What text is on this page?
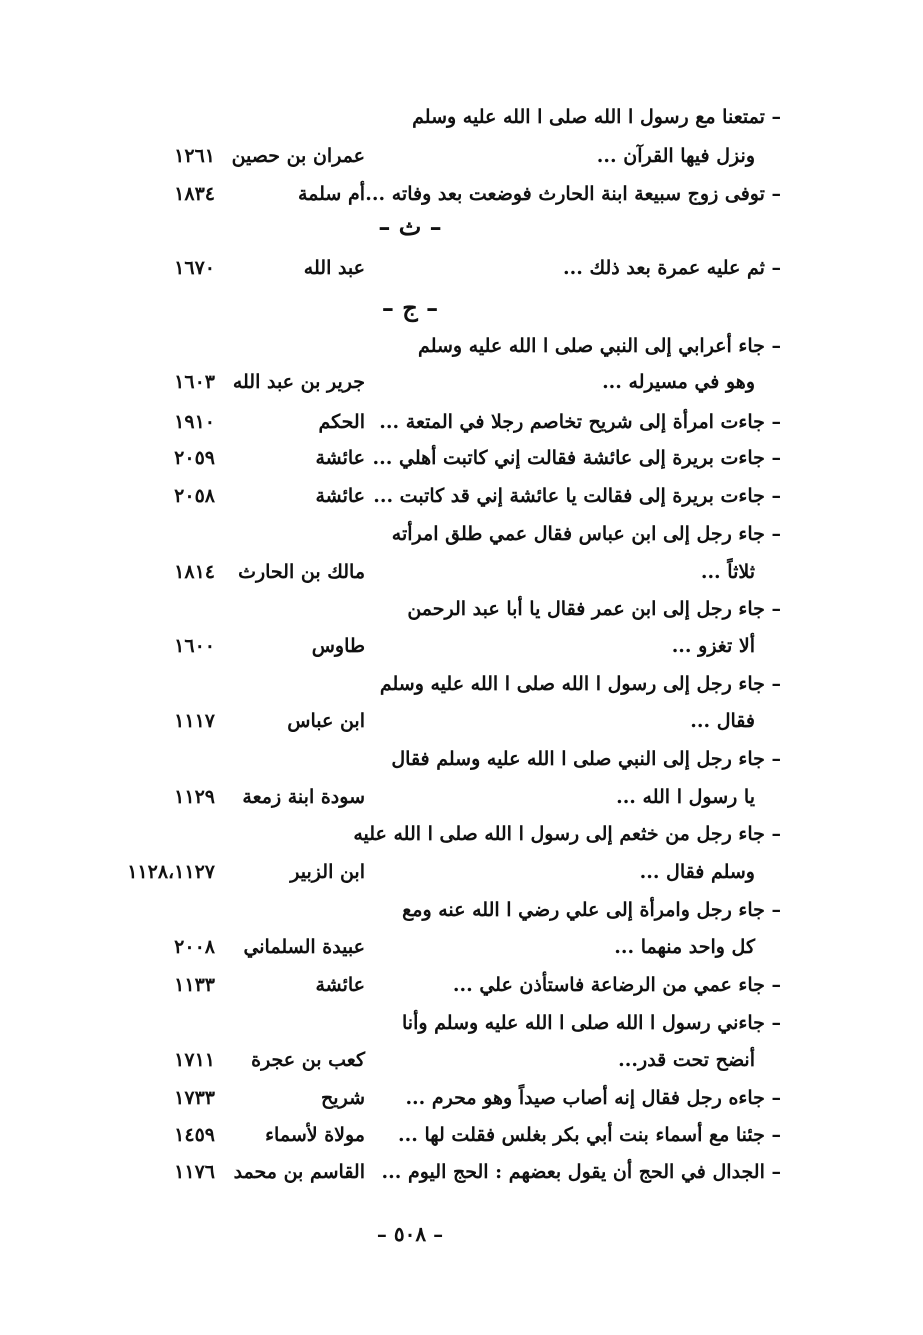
– تمتعنا مع رسول ا الله صلى ا الله عليه وسلم
ونزل فيها القرآن ...
عمران بن حصين
١٢٦١
– توفى زوج سبيعة ابنة الحارث فوضعت بعد وفاته ...
أم سلمة
١٨٣٤
– ث –
– ثم عليه عمرة بعد ذلك ...
عبد الله
١٦٧٠
– ج –
– جاء أعرابي إلى النبي صلى ا الله عليه وسلم
وهو في مسيرله ...
جرير بن عبد الله
١٦٠٣
– جاءت امرأة إلى شريح تخاصم رجلا في المتعة ...
الحكم
١٩١٠
– جاءت بريرة إلى عائشة فقالت إني كاتبت أهلي ...
عائشة
٢٠٥٩
– جاءت بريرة إلى فقالت يا عائشة إني قد كاتبت ...
عائشة
٢٠٥٨
– جاء رجل إلى ابن عباس فقال عمي طلق امرأته
ثلاثاً ...
مالك بن الحارث
١٨١٤
– جاء رجل إلى ابن عمر فقال يا أبا عبد الرحمن
ألا تغزو ...
طاوس
١٦٠٠
– جاء رجل إلى رسول ا الله صلى ا الله عليه وسلم
فقال ...
ابن عباس
١١١٧
– جاء رجل إلى النبي صلى ا الله عليه وسلم فقال
يا رسول ا الله ...
سودة ابنة زمعة
١١٢٩
– جاء رجل من خثعم إلى رسول ا الله صلى ا الله عليه
وسلم فقال ...
ابن الزبير
١١٢٨،١١٢٧
– جاء رجل وامرأة إلى علي رضي ا الله عنه ومع
كل واحد منهما ...
عبيدة السلماني
٢٠٠٨
– جاء عمي من الرضاعة فاستأذن علي ...
عائشة
١١٣٣
– جاءني رسول ا الله صلى ا الله عليه وسلم وأنا
أنضح تحت قدر...
كعب بن عجرة
١٧١١
– جاءه رجل فقال إنه أصاب صيداً وهو محرم ...
شريح
١٧٣٣
– جئنا مع أسماء بنت أبي بكر بغلس فقلت لها ...
مولاة لأسماء
١٤٥٩
– الجدال في الحج أن يقول بعضهم : الحج اليوم ...
القاسم بن محمد
١١٧٦
– ٥٠٨ –
